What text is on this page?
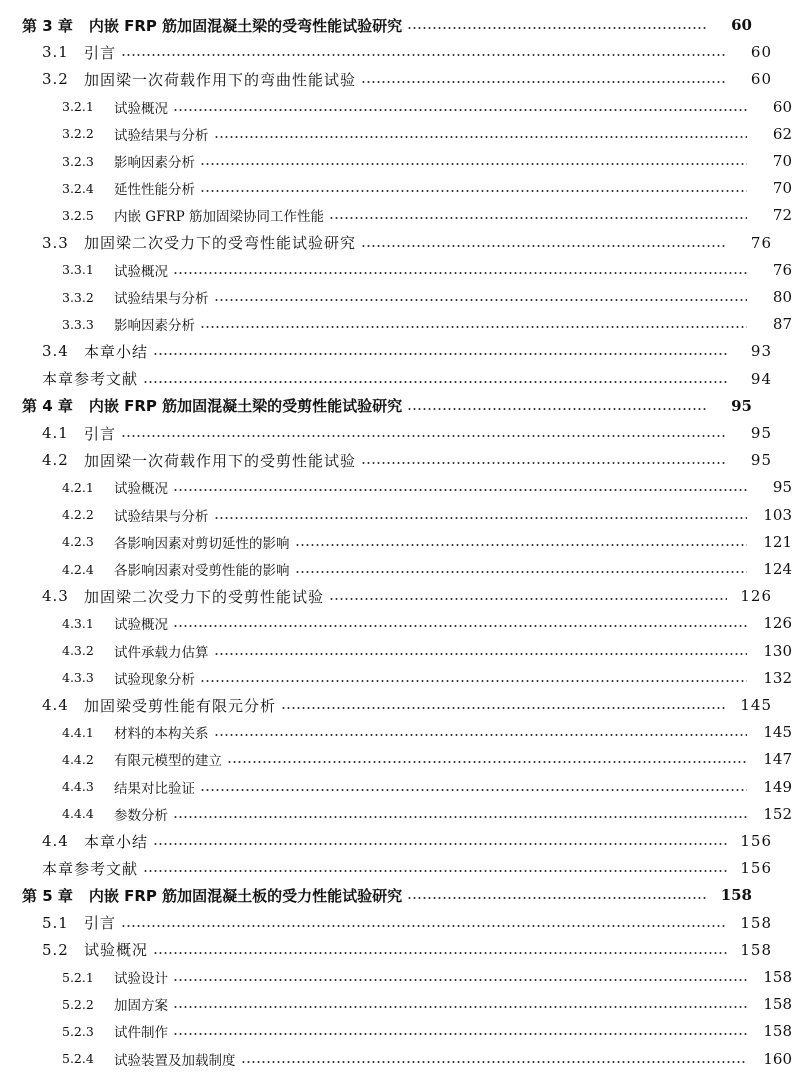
第 3 章 内嵌 FRP 筋加固混凝土梁的受弯性能试验研究	60
3.1	引言	60
3.2	加固梁一次荷载作用下的弯曲性能试验	60
3.2.1	试验概况	60
3.2.2	试验结果与分析	62
3.2.3	影响因素分析	70
3.2.4	延性性能分析	70
3.2.5	内嵌 GFRP 筋加固梁协同工作性能	72
3.3	加固梁二次受力下的受弯性能试验研究	76
3.3.1	试验概况	76
3.3.2	试验结果与分析	80
3.3.3	影响因素分析	87
3.4	本章小结	93
本章参考文献	94
第 4 章 内嵌 FRP 筋加固混凝土梁的受剪性能试验研究	95
4.1	引言	95
4.2	加固梁一次荷载作用下的受剪性能试验	95
4.2.1	试验概况	95
4.2.2	试验结果与分析	103
4.2.3	各影响因素对剪切延性的影响	121
4.2.4	各影响因素对受剪性能的影响	124
4.3	加固梁二次受力下的受剪性能试验	126
4.3.1	试验概况	126
4.3.2	试件承载力估算	130
4.3.3	试验现象分析	132
4.4	加固梁受剪性能有限元分析	145
4.4.1	材料的本构关系	145
4.4.2	有限元模型的建立	147
4.4.3	结果对比验证	149
4.4.4	参数分析	152
4.4	本章小结	156
本章参考文献	156
第 5 章 内嵌 FRP 筋加固混凝土板的受力性能试验研究	158
5.1	引言	158
5.2	试验概况	158
5.2.1	试验设计	158
5.2.2	加固方案	158
5.2.3	试件制作	158
5.2.4	试验装置及加载制度	160
